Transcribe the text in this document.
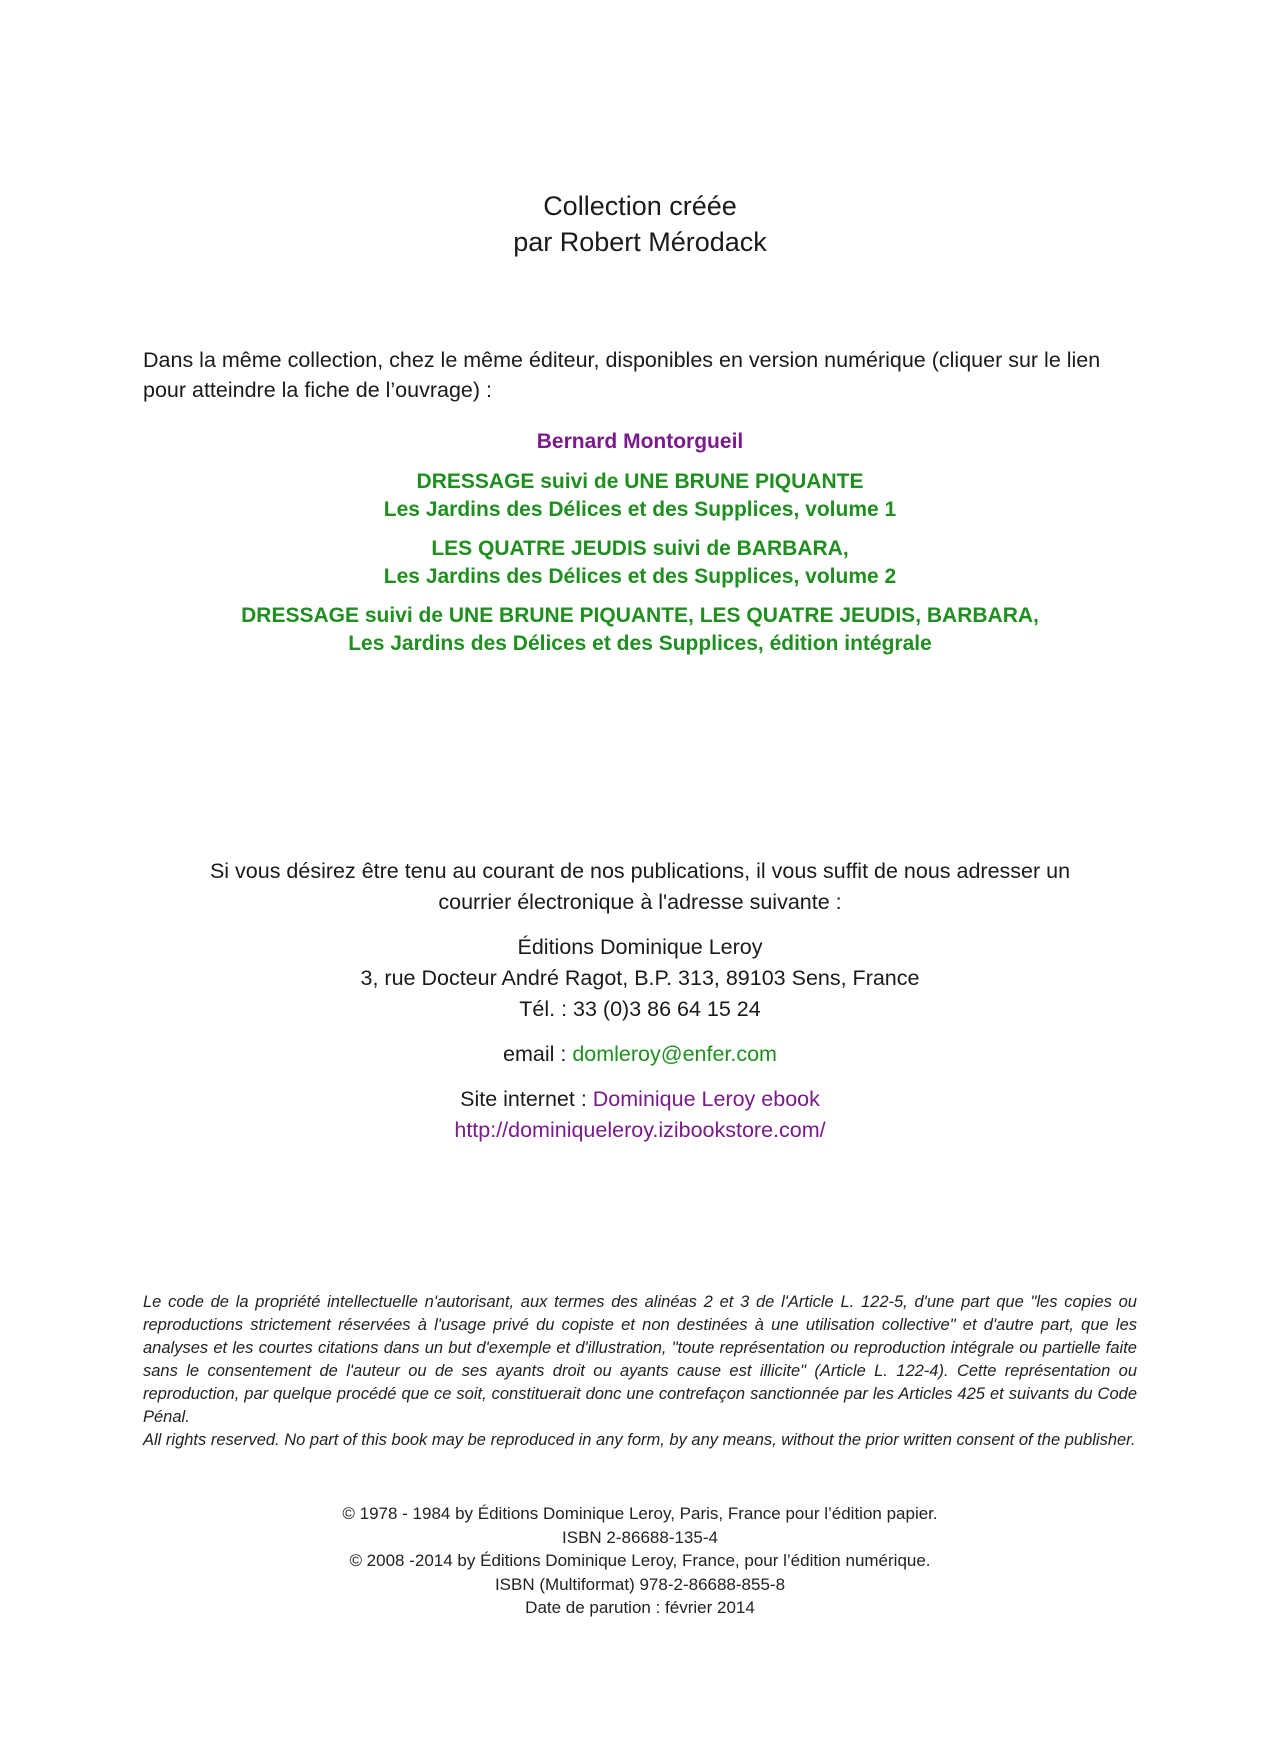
Collection créée
par Robert Mérodack
Dans la même collection, chez le même éditeur, disponibles en version numérique (cliquer sur le lien pour atteindre la fiche de l’ouvrage) :
Bernard Montorgueil
DRESSAGE suivi de UNE BRUNE PIQUANTE
Les Jardins des Délices et des Supplices, volume 1
LES QUATRE JEUDIS suivi de BARBARA,
Les Jardins des Délices et des Supplices, volume 2
DRESSAGE suivi de UNE BRUNE PIQUANTE, LES QUATRE JEUDIS, BARBARA,
Les Jardins des Délices et des Supplices, édition intégrale

Si vous désirez être tenu au courant de nos publications, il vous suffit de nous adresser un

courrier électronique à l'adresse suivante :

Éditions Dominique Leroy

3, rue Docteur André Ragot, B.P. 313, 89103 Sens, France

Tél. : 33 (0)3 86 64 15 24

email : domleroy@enfer.com

Site internet : Dominique Leroy ebook

http://dominiqueleroy.izibookstore.com/

Le code de la propriété intellectuelle n'autorisant, aux termes des alinéas 2 et 3 de l'Article L. 122-5, d'une part que "les copies ou reproductions strictement réservées à l'usage privé du copiste et non destinées à une utilisation collective" et d'autre part, que les analyses et les courtes citations dans un but d'exemple et d'illustration, "toute représentation ou reproduction intégrale ou partielle faite sans le consentement de l'auteur ou de ses ayants droit ou ayants cause est illicite" (Article L. 122-4). Cette représentation ou reproduction, par quelque procédé que ce soit, constituerait donc une contrefaçon sanctionnée par les Articles 425 et suivants du Code Pénal.

All rights reserved. No part of this book may be reproduced in any form, by any means, without the prior written consent of the publisher.

© 1978 - 1984 by Éditions Dominique Leroy, Paris, France pour l’édition papier.

ISBN 2-86688-135-4

© 2008 -2014 by Éditions Dominique Leroy, France, pour l’édition numérique.

ISBN (Multiformat) 978-2-86688-855-8

Date de parution : février 2014
